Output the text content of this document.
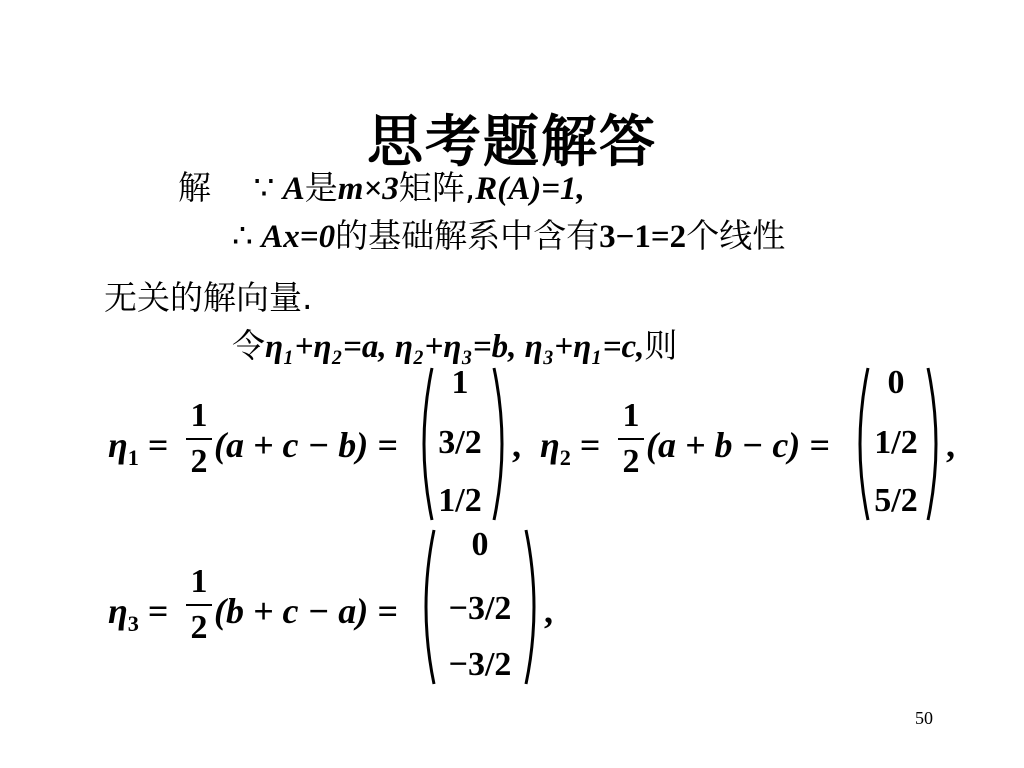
思考题解答
解 ∵ A是m×3矩阵,R(A)=1,
∴ Ax=0的基础解系中含有3−1=2个线性
无关的解向量.
令η₁+η₂=a, η₂+η₃=b, η₃+η₁=c,则
$\eta_1$ =
1
2 (a + c − b) =
1
3/2
1/2
, $\eta_2$ =
1
2 (a + b − c) =
0
1/2
5/2
,
$\eta_3$ =
1
2 (b + c − a) =
0
−3/2
−3/2
,
50
